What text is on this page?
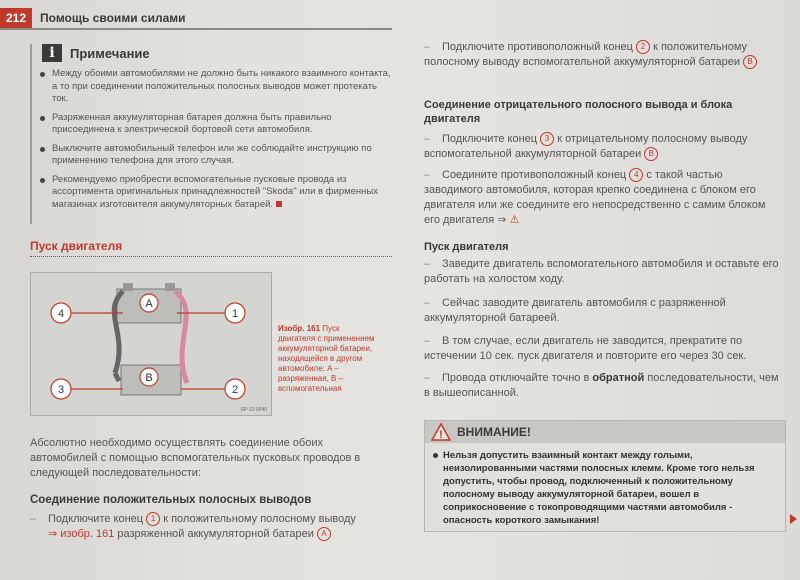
212	Помощь своими силами
i	Примечание
Между обоими автомобилями не должно быть никакого взаимного контакта, а то при соединении положительных полосных выводов может протекать ток.
Разряженная аккумуляторная батарея должна быть правильно присоединена к электрической бортовой сети автомобиля.
Выключите автомобильный телефон или же соблюдайте инструкцию по применению телефона для этого случая.
Рекомендуемо приобрести вспомогательные пусковые провода из ассортимента оригинальных принадлежностей "Skoda" или в фирменных магазинах изготовителя аккумуляторных батарей.
Пуск двигателя
4
A
1
3
B
2
SP-12-0040
Изобр. 161 Пуск двигателя с применением аккумуляторной батареи, находящейся в другом автомобиле: A – разряженная, B – вспомогательная
Абсолютно необходимо осуществлять соединение обоих автомобилей с помощью вспомогательных пусковых проводов в следующей последовательности:
Соединение положительных полосных выводов
– Подключите конец 1 к положительному полосному выводу
⇒ изобр. 161 разряженной аккумуляторной батареи A
– Подключите противоположный конец 2 к положительному полосному выводу вспомогательной аккумуляторной батареи B
Соединение отрицательного полосного вывода и блока двигателя
– Подключите конец 3 к отрицательному полосному выводу вспомогательной аккумуляторной батареи B
– Соедините противоположный конец 4 с такой частью заводимого автомобиля, которая крепко соединена с блоком его двигателя или же соедините его непосредственно с самим блоком его двигателя ⇒ ⚠
Пуск двигателя
– Заведите двигатель вспомогательного автомобиля и оставьте его работать на холостом ходу.
– Сейчас заводите двигатель автомобиля с разряженной аккумуляторной батареей.
– В том случае, если двигатель не заводится, прекратите по истечении 10 сек. пуск двигателя и повторите его через 30 сек.
– Провода отключайте точно в обратной последовательности, чем в вышеописанной.
! ВНИМАНИЕ!
Нельзя допустить взаимный контакт между голыми, неизолированными частями полосных клемм. Кроме того нельзя допустить, чтобы провод, подключенный к положительному полосному выводу аккумуляторной батареи, вошел в соприкосновение с токопроводящими частями автомобиля - опасность короткого замыкания!
